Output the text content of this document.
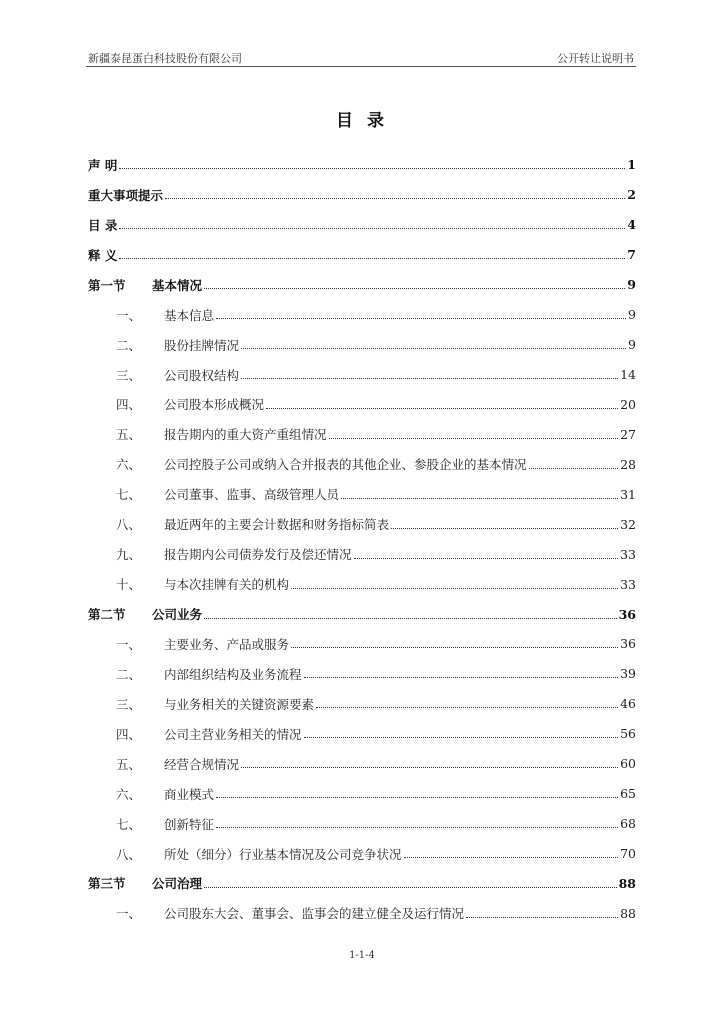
新疆泰昆蛋白科技股份有限公司	公开转让说明书
目 录
声 明	1
重大事项提示	2
目 录	4
释 义	7
第一节	基本情况	9
一、	基本信息	9
二、	股份挂牌情况	9
三、	公司股权结构	14
四、	公司股本形成概况	20
五、	报告期内的重大资产重组情况	27
六、	公司控股子公司或纳入合并报表的其他企业、参股企业的基本情况	28
七、	公司董事、监事、高级管理人员	31
八、	最近两年的主要会计数据和财务指标简表	32
九、	报告期内公司债券发行及偿还情况	33
十、	与本次挂牌有关的机构	33
第二节	公司业务	36
一、	主要业务、产品或服务	36
二、	内部组织结构及业务流程	39
三、	与业务相关的关键资源要素	46
四、	公司主营业务相关的情况	56
五、	经营合规情况	60
六、	商业模式	65
七、	创新特征	68
八、	所处（细分）行业基本情况及公司竞争状况	70
第三节	公司治理	88
一、	公司股东大会、董事会、监事会的建立健全及运行情况	88
1-1-4
